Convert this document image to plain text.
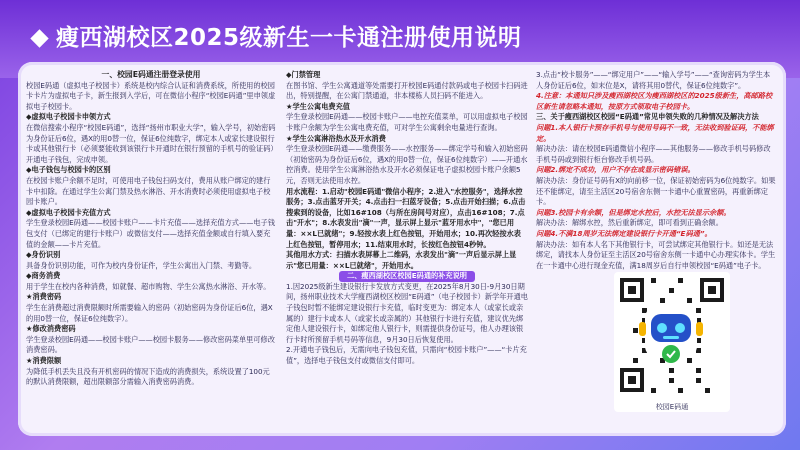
瘦西湖校区2025级新生一卡通注册使用说明

一、校园E码通注册登录使用

校园E码通（虚拟电子校园卡）系统是校内综合认证和消费系统，所使用的校园卡卡片为虚拟电子卡，新生报到入学后，可在微信小程序“校园E码通”里申领虚拟电子校园卡。

◆虚拟电子校园卡申领方式

在微信搜索小程序“校园E码通”，选择“扬州市职业大学”，输入学号，初始密码为身份证后6位，遇X的用0替一位，保证6位纯数字，绑定本人或家长建设银行卡或其他银行卡（必须要能收到该银行卡开通时在银行预留的手机号的验证码）开通电子钱包，完成申领。

◆电子钱包与校园卡的区别

在校园卡账户余额不足时，可使用电子钱包扫码支付，费用从账户绑定的建行卡中扣除。在通过学生公寓门禁及热水淋浴、开水消费时必须使用虚拟电子校园卡账户。

◆虚拟电子校园卡充值方式

学生登录校园E码通——校园卡账户——卡片充值——选择充值方式——电子钱包支付（已绑定的建行卡账户）或微信支付——选择充值金额或自行填入要充值的金额——卡片充值。

◆身份识别

具备身份识别功能，可作为校内身份证件，学生公寓出入门禁、考勤等。

◆商务消费

用于学生在校内各种消费，如就餐、超市购物、学生公寓热水淋浴、开水等。

★消费密码

学生在消费超过消费限额时所需要输入的密码（初始密码为身份证后6位，遇X的用0替一位，保证6位纯数字）。

★修改消费密码

学生登录校园E码通——校园卡账户——校园卡服务——修改密码菜单里可修改消费密码。

★消费限额

为降低手机丢失且没有开机密码的情况下造成的消费损失，系统设置了100元的默认消费限额，超出限额部分需输入消费密码消费。

◆门禁管理

在图书馆、学生公寓通道等处需要打开校园E码通付款码或电子校园卡扫码进出，特别提醒，在公寓门禁通道，非本楼栋人员扫码不能进入。

★学生公寓电费充值

学生登录校园E码通——校园卡账户——电控充值菜单，可以用虚拟电子校园卡账户余额为学生公寓电费充值，可对学生公寓剩余电量进行查询。

★学生公寓淋浴热水及开水消费

学生登录校园E码通——缴费服务——水控服务——绑定学号和输入初始密码（初始密码为身份证后6位，遇X的用0替一位，保证6位纯数字）——开通水控消费。使用学生公寓淋浴热水及开水必须保证电子虚拟校园卡账户余额5元，否则无法使用水控。

用水流程：1.启动"校园E码通"微信小程序；2.进入"水控服务"，选择水控服务；3.点击蓝牙开关；4.点击扫一扫蓝牙设备；5.点击开始扫描；6.点击搜索到的设备，比如16#108（与所在房间号对应），点击16#108；7.点击"开水"；8.水表发出"滴"一声，显示屏上显示"蓝牙用水中"，"您已用量：××L已就绪"；9.轻按水表上红色按钮，开始用水；10.再次轻按水表上红色按钮，暂停用水；11.结束用水时，长按红色按钮4秒钟。

其他用水方式：扫描水表屏幕上二维码，水表发出"滴"一声后显示屏上显示"您已用量：××L已就绪"，开始用水。

二、瘦西湖校区校园E码通的补充说明

1.因2025级新生建设银行卡发放方式变更，在2025年8月30日-9月30日期间，扬州职业技术大学瘦西湖校区校园“E码通”（电子校园卡）新学年开通电子钱包时暂不能绑定建设银行卡充值，临时变更为：绑定本人（或家长或亲属的）建行卡或本人（或家长或亲属的）其他银行卡进行充值，建议优先绑定他人建设银行卡，如绑定他人银行卡，则需提供身份证号，他人办理该银行卡时所预留手机号码等信息，9月30日后恢复使用。

2.开通电子钱包后，无需向电子钱包充值，只需向“校园卡账户”——“卡片充值”，选择电子钱包支付或微信支付即可。

3.点击“校卡服务”——“绑定用户”——“输入学号”——“查询密码为学生本人身份证后6位，如末位是X，请将其用0替代，保证6位纯数字”。

4.注意：本通知只涉及瘦西湖校区为瘦西湖校区的2025级新生，高邮路校区新生请忽略本通知，按原方式领取电子校园卡。

三、关于瘦西湖校区校园“E码通”常见申领失败的几种情况及解决方法

问题1.本人银行卡预存手机号与使用号码不一致，无法收到验证码，不能绑定。

解决办法：请在校园E码通微信小程序——其他服务——修改手机号码修改手机号码或到银行柜台修改手机号码。

问题2.绑定不成功，用户不存在或显示密码错误。

解决办法：身份证号码有X的向前移一位，保证初始密码为6位纯数字。如果还不能绑定，请至主活区20号宿舍东侧一卡通中心重置密码，再重新绑定卡。

问题3.校园卡有余额，但是绑定水控后，水控无法显示余额。

解决办法：解绑水控，然后重新绑定，即可看到正确余额。

问题4.不满18周岁无法绑定建设银行卡开通“E码通”。

解决办法：如有本人名下其他银行卡，可尝试绑定其他银行卡。如还是无法绑定，请找本人身份证至主活区20号宿舍东侧一卡通中心办理实体卡。学生在一卡通中心进行现金充值，满18周岁后自行申领校园“E码通”电子卡。

校园E码通
